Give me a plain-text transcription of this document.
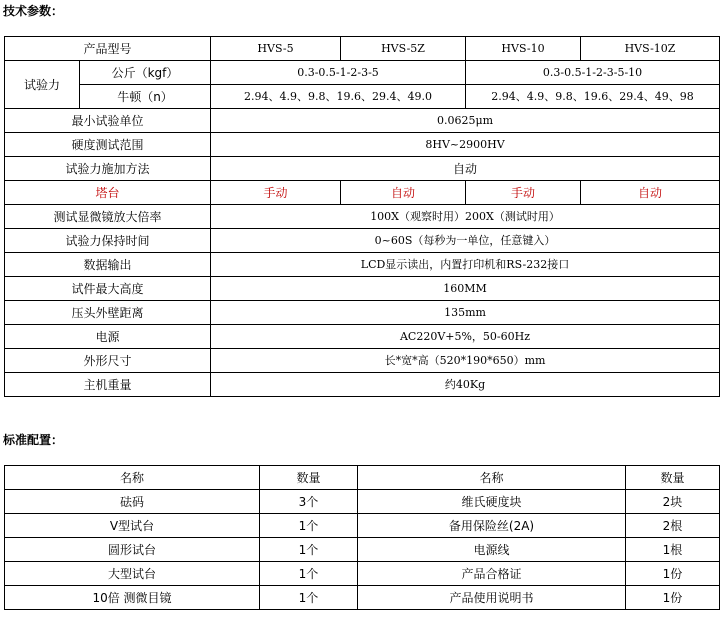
技术参数：
产品型号		HVS-5	HVS-5Z	HVS-10	HVS-10Z
试验力	公斤（kgf）	0.3-0.5-1-2-3-5		0.3-0.5-1-2-3-5-10	
	牛顿（n）	2.94、4.9、9.8、19.6、29.4、49.0		2.94、4.9、9.8、19.6、29.4、49、98	
最小试验单位		0.0625μm			
硬度测试范围		8HV~2900HV			
试验力施加方法		自动			
塔台		手动	自动	手动	自动
测试显微镜放大倍率		100X（观察时用）200X（测试时用）			
试验力保持时间		0~60S（每秒为一单位，任意键入）			
数据输出		LCD显示读出，内置打印机和RS-232接口			
试件最大高度		160MM			
压头外壁距离		135mm			
电源		AC220V+5%，50-60Hz			
外形尺寸		长*宽*高（520*190*650）mm			
主机重量		约40Kg			
标准配置：
名称	数量	名称	数量
砝码	3个	维氏硬度块	2块
V型试台	1个	备用保险丝(2A)	2根
圆形试台	1个	电源线	1根
大型试台	1个	产品合格证	1份
10倍 测微目镜	1个	产品使用说明书	1份
